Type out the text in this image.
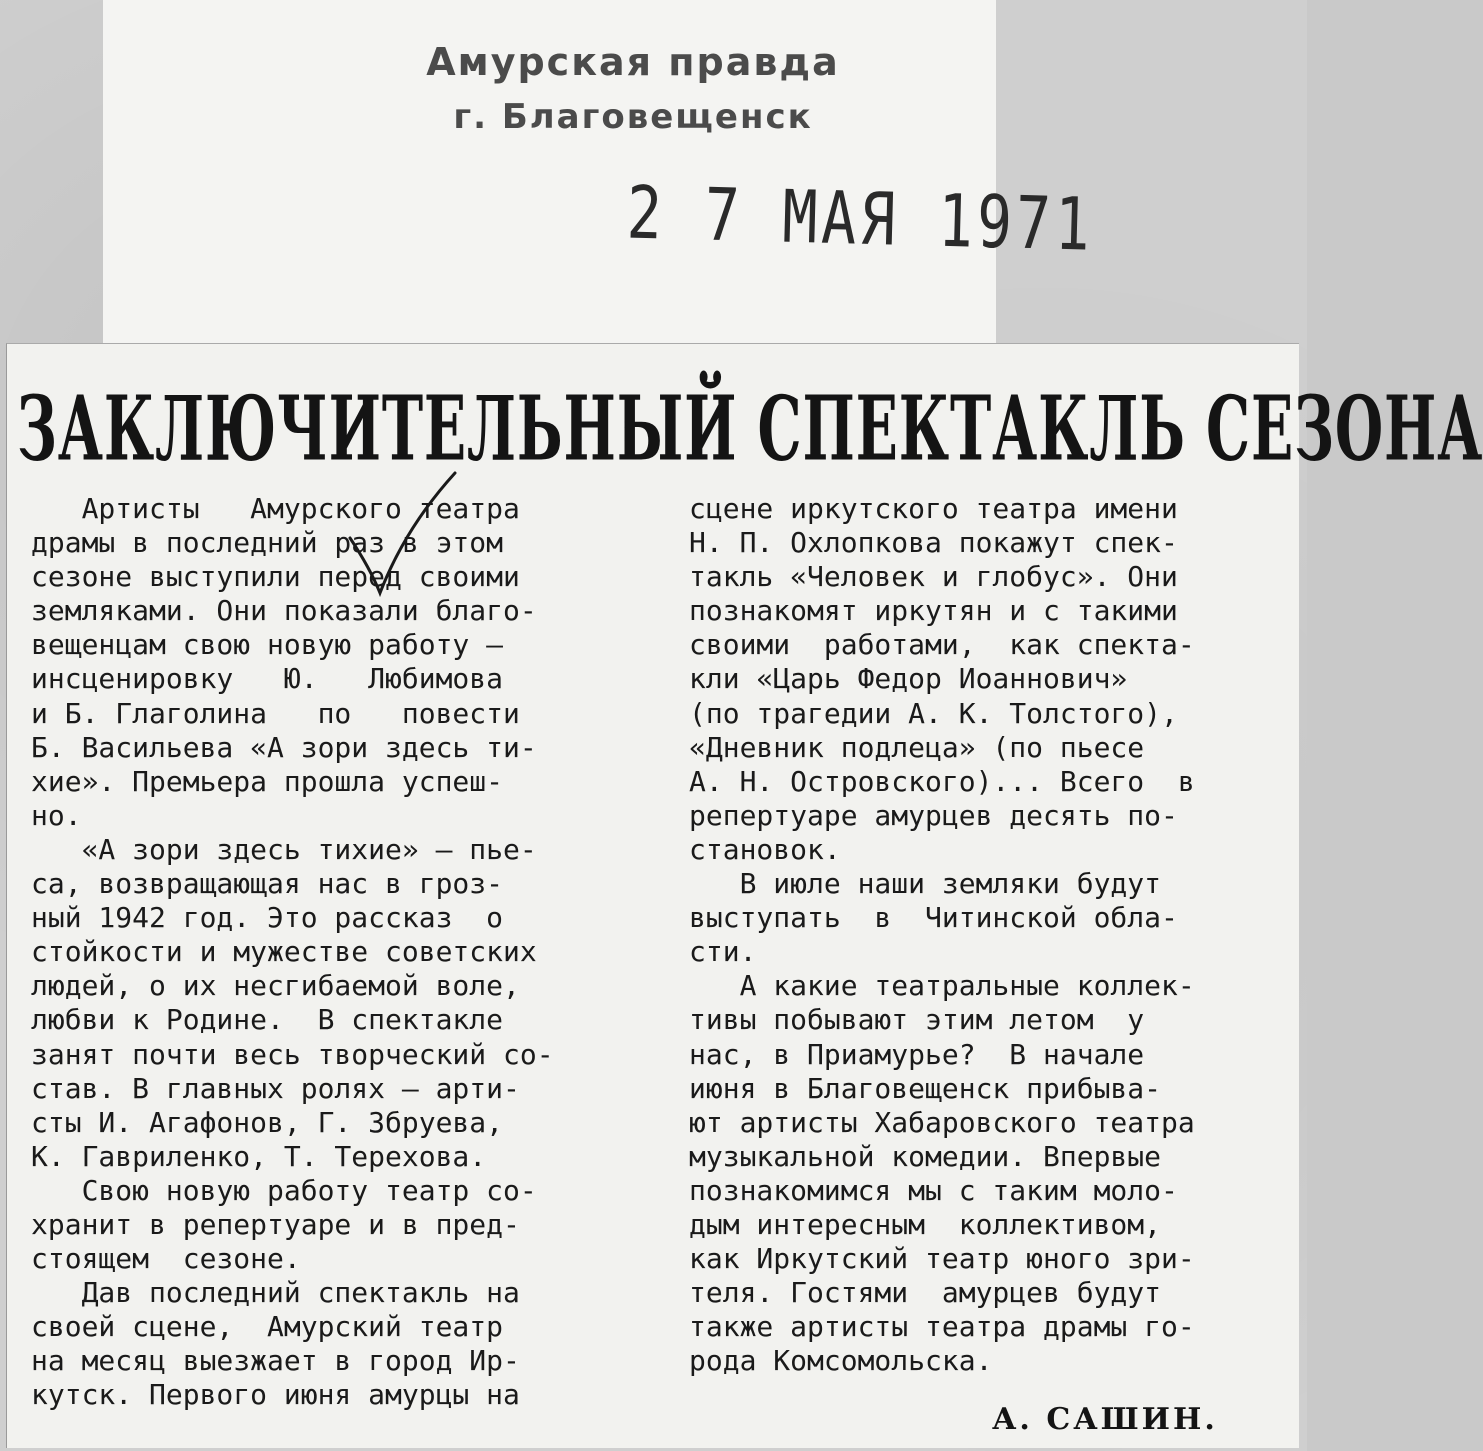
Амурская правда
г. Благовещенск
2 7 МАЯ 1971
ЗАКЛЮЧИТЕЛЬНЫЙ СПЕКТАКЛЬ СЕЗОНА
Артисты   Амурского театра
драмы в последний раз в этом
сезоне выступили перед своими
земляками. Они показали благо-
вещенцам свою новую работу —
инсценировку   Ю.   Любимова
и Б. Глаголина   по   повести
Б. Васильева «А зори здесь ти-
хие». Премьера прошла успеш-
но.
«А зори здесь тихие» — пье-
са, возвращающая нас в гроз-
ный 1942 год. Это рассказ  о
стойкости и мужестве советских
людей, о их несгибаемой воле,
любви к Родине.  В спектакле
занят почти весь творческий со-
став. В главных ролях — арти-
сты И. Агафонов, Г. Збруева,
К. Гавриленко, Т. Терехова.
Свою новую работу театр со-
хранит в репертуаре и в пред-
стоящем  сезоне.
Дав последний спектакль на
своей сцене,  Амурский театр
на месяц выезжает в город Ир-
кутск. Первого июня амурцы на
сцене иркутского театра имени
Н. П. Охлопкова покажут спек-
такль «Человек и глобус». Они
познакомят иркутян и с такими
своими  работами,  как спекта-
кли «Царь Федор Иоаннович»
(по трагедии А. К. Толстого),
«Дневник подлеца» (по пьесе
А. Н. Островского)... Всего  в
репертуаре амурцев десять по-
становок.
В июле наши земляки будут
выступать  в  Читинской обла-
сти.
А какие театральные коллек-
тивы побывают этим летом  у
нас, в Приамурье?  В начале
июня в Благовещенск прибыва-
ют артисты Хабаровского театра
музыкальной комедии. Впервые
познакомимся мы с таким моло-
дым интересным  коллективом,
как Иркутский театр юного зри-
теля. Гостями  амурцев будут
также артисты театра драмы го-
рода Комсомольска.
А. САШИН.
